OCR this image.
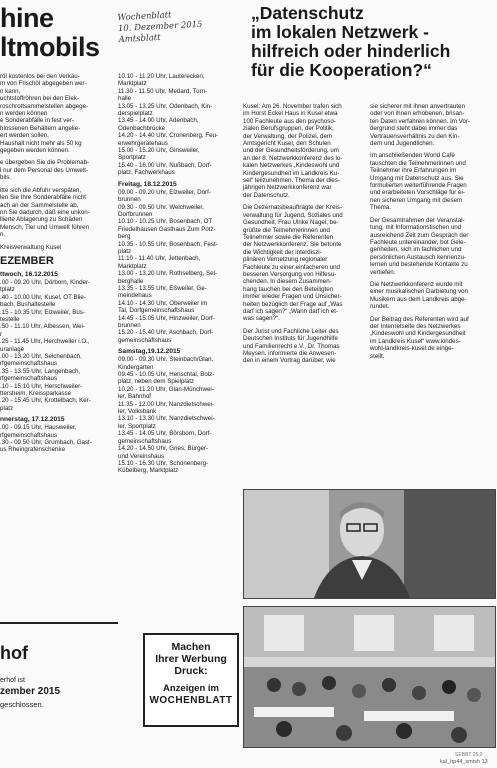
hine
ltmobils
Wochenblatt
10. Dezember 2015
Amtsblatt

röl kostenlos bei den Verkäu-
m von Frischöl abgegeben wer-
n kann,
uchtstoffröhren bei den Elek-
roschrottsammelstellen abgege-
n werden können
e Sonderabfälle in fest ver-
hlossenen Behältern angelie-
ert werden sollen,
Haushalt nicht mehr als 50 kg
gegeben werden können.

e übergeben Sie die Problemab-
l nur dem Personal des Umwelt-
bils.

itte sich die Abfuhr verspäten,
len Sie Ihre Sonderabfälle nicht
ach an der Sammelstelle ab,
nn Sie dadurch, daß eine unkon-
llierte Ablagerung zu Schäden
Mensch, Tier und Umwelt führen
n.

Kreisverwaltung Kusel

EZEMBER
ttwoch, 16.12.2015

.00 - 09.20 Uhr, Dörborn, Kinder-
tplatz
.40 - 10.00 Uhr, Kusel, OT Blie-
bach, Bushaltestelle
.15 - 10.35 Uhr, Elzweiler, Bus-
testelle
.50 - 11.10 Uhr, Albessen, Wei-
r
.25 - 11.45 Uhr, Herchweiler i.O.,
uranlage
.00 - 13.20 Uhr, Selchenbach,
rfgemeinschaftshaus
.35 - 13.55 Uhr, Langenbach,
rfgemeinschaftshaus
.10 - 15.10 Uhr, Herschweiler-
ttersheim, Kreissparkasse
.20 - 15.45 Uhr, Krottelbach, Ker-
platz

nnerstag, 17.12.2015

.00 - 09.15 Uhr, Hausweiler,
rfgemeinschaftshaus
.30 - 09.50 Uhr, Grumbach, Gast-
us Rheingrafenschenke

hof
erhof ist
zember 2015
geschlossen.

10.10 - 11.20 Uhr, Lauterecken,
Marktplatz
11.30 - 11.50 Uhr, Medard, Turn-
halle
13.05 - 13.25 Uhr, Odenbach, Kin-
derspielplatz
13.45 - 14.00 Uhr, Adenbach,
Odenbachbrücke
14.20 - 14.40 Uhr, Cronenberg, Feu-
erwehrgerätehaus
15.00 - 15.20 Uhr, Ginsweiler,
Sportplatz
15.40 - 16.00 Uhr, Nußbach, Dorf-
platz, Fachwerkhaus

Freitag, 18.12.2015

09.00 - 09.20 Uhr, Elzweiler, Dorf-
brunnen
09.30 - 09.50 Uhr, Welchweiler,
Dorfbrunnen
10.10 - 10.25 Uhr, Bosenbach, OT
Friedelhausen Gasthaus Zum Potz-
berg
10.35 - 10.55 Uhr, Bosenbach, Fest-
platz
11.10 - 11.40 Uhr, Jettenbach,
Marktplatz
13.00 - 13.20 Uhr, Rothselberg, Sel-
berghalle
13.35 - 13.55 Uhr, Eßweiler, Ge-
meindehaus
14.10 - 14.30 Uhr, Oberweiler im
Tal, Dorfgemeinschaftshaus
14.45 - 15.05 Uhr, Hinzweiler, Dorf-
brunnen
15.20 - 15.40 Uhr, Aschbach, Dorf-
gemeinschaftshaus

Samstag,19.12.2015

09.00 - 09.30 Uhr, Steinbach/Glan,
Kindergarten
09.45 - 10.05 Uhr, Henschtal, Bolz-
platz, neben dem Spielplatz
10.20 - 11.20 Uhr, Glan-Münchwei-
ler, Bahnhof
11.35 - 12.00 Uhr, Nanzdietschwei-
ler, Volksbank
13.10 - 13.30 Uhr, Nanzdietschwei-
ler, Sportplatz
13.45 - 14.05 Uhr, Börsborn, Dorf-
gemeinschaftshaus
14.20 - 14.50 Uhr, Gries, Bürger-
und Vereinshaus
15.10 - 16.30 Uhr, Schönenberg-
Kübelberg, Marktplatz

Machen
Ihrer Werbung
Druck:
Anzeigen im
WOCHENBLATT
„Datenschutz
im lokalen Netzwerk -
hilfreich oder hinderlich
für die Kooperation?“

Kusel: Am 26. November trafen sich
im Horst Eckel Haus in Kusel etwa
100 Fachleute aus den psychoso-
zialen Berufsgruppen, der Politik,
der Verwaltung, der Polizei, dem
Amtsgericht Kusel, den Schulen
und der Gesundheitsförderung, um
an der 8. Netzwerkkonferenz des lo-
kalen Netzwerkes „Kindeswohl und
Kindergesundheit im Landkreis Ku-
sel“ teilzunehmen. Thema der dies-
jährigen Netzwerkkonferenz war
der Datenschutz.

Die Dezernatsbeauftragte der Kreis-
verwaltung für Jugend, Soziales und
Gesundheit, Frau Ulrike Nagel, be-
grüßte die Teilnehmerinnen und
Teilnehmer sowie die Referenten
der Netzwerkkonferenz. Sie betonte
die Wichtigkeit der interdiszi-
plinären Vernetzung regionaler
Fachleute zu einer einfacheren und
besseren Versorgung von Hilfesu-
chenden. In diesem Zusammen-
hang tauchen bei den Beteiligten
immer wieder Fragen und Unsicher-
heiten bezüglich der Frage auf „Was
darf ich sagen?“ „Wann darf ich et-
was sagen?“.

Der Jurist und Fachliche Leiter des
Deutschen Instituts für Jugendhilfe
und Familienrecht e.V., Dr. Thomas
Meysen, informierte die Anwesen-
den in einem Vortrag darüber, wie

sie sicherer mit ihnen anvertrauten
oder von ihnen erhobenen, brisan-
ten Daten verfahren können. Im Vor-
dergrund steht dabei immer das
Vertrauensverhältnis zu den Kin-
dern und Jugendlichen.

Im anschließenden World Café
tauschten die Teilnehmerinnen und
Teilnehmer ihre Erfahrungen im
Umgang mit Datenschutz aus. Sie
formulierten weiterführende Fragen
und erarbeiteten Vorschläge für ei-
nen sicheren Umgang mit diesem
Thema.

Der Gesamtrahmen der Veranstal-
tung, mit Informationstischen und
ausreichend Zeit zum Gespräch der
Fachleute untereinander, bot Gele-
genheiten, sich im fachlichen und
persönlichen Austausch kennenzu-
lernen und bestehende Kontakte zu
vertiefen.

Die Netzwerkkonferenz wurde mit
einer musikalischen Darbietung von
Musikern aus dem Landkreis abge-
rundet.

Der Beitrag des Referenten wird auf
der Internetseite des Netzwerkes
„Kindeswohl und Kindergesundheit
im Landkreis Kusel“ www.kindes-
wohl-landkreis-kusel.de einge-
stellt.

SEBBT 25.0
kal_hp44_smtsh 13
